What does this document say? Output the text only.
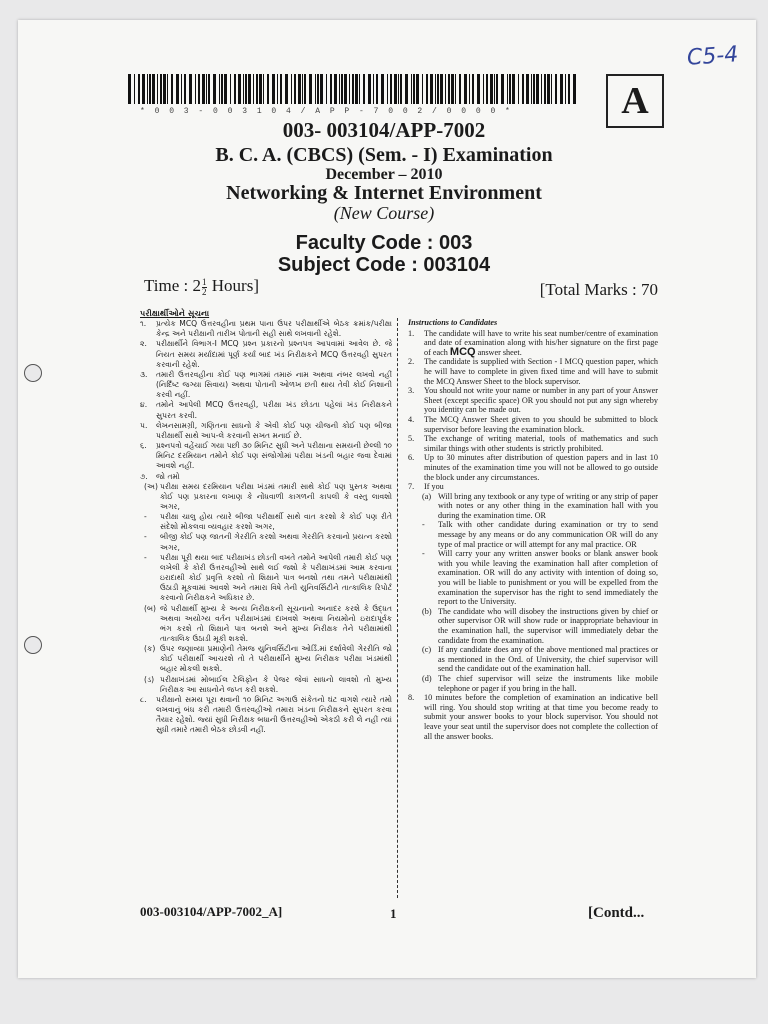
C5-4
* 0 0 3 - 0 0 3 1 0 4 / A P P - 7 0 0 2 / 0 0 0 0 *	A
003- 003104/APP-7002
B. C. A. (CBCS) (Sem. - I) Examination
December – 2010
Networking & Internet Environment
(New Course)
Faculty Code : 003
Subject Code : 003104
Time : $2 \frac{1}{2}$ Hours]	[Total Marks : 70
પરીક્ષાર્થીઓને સૂચના
૧. પ્રત્યેક MCQ ઉત્તરવહીના પ્રથમ પાના ઉપર પરીક્ષાર્થીએ બેઠક ક્રમાંક/પરીક્ષા કેન્દ્ર અને પરીક્ષાની તારીખ પોતાની સહી સાથે લખવાની રહેશે.
૨. પરીક્ષાર્થીને વિભાગ-I MCQ પ્રશ્ન પ્રકારનો પ્રશ્નપત્ર આપવામાં આવેલ છે. જે નિયત સમય મર્યાદામાં પૂર્ણ કર્યા બાદ ખંડ નિરીક્ષકને MCQ ઉત્તરવહી સુપરત કરવાની રહેશે.
૩. તમારી ઉત્તરવહીના કોઈ પણ ભાગમાં તમારું નામ અથવા નંબર લખવો નહીં (નિર્દિષ્ટ જગ્યા સિવાય) અથવા પોતાની ઓળખ છતી થાય તેવી કોઈ નિશાની કરવી નહીં.
૪. તમોને આપેલી MCQ ઉત્તરવહી, પરીક્ષા ખંડ છોડતા પહેલાં ખંડ નિરીક્ષકને સુપરત કરવી.
૫. લેખનસામગ્રી, ગણિતના સાધનો કે એવી કોઈ પણ ચીજની કોઈ પણ બીજા પરીક્ષાર્થી સાથે આપ-લે કરવાની સખત મનાઈ છે.
૬. પ્રશ્નપત્રો વહેંચાઈ ગયા પછી ૩૦ મિનિટ સુધી અને પરીક્ષાના સમયની છેલ્લી ૧૦ મિનિટ દરમિયાન તમોને કોઈ પણ સંજોગોમાં પરીક્ષા ખંડની બહાર જવા દેવામાં આવશે નહીં.
૭. જો તમો
(અ) પરીક્ષા સમય દરમિયાન પરીક્ષા ખંડમાં તમારી સાથે કોઈ પણ પુસ્તક અથવા કોઈ પણ પ્રકારના લખાણ કે નોંધવાળી કાગળની કાપલી કે વસ્તુ લાવશો અગર,
- પરીક્ષા ચાલુ હોય ત્યારે બીજા પરીક્ષાર્થી સાથે વાત કરશો કે કોઈ પણ રીતે સંદેશો મોકલવા વ્યવહાર કરશો અગર,
- બીજી કોઈ પણ જાતની ગેરરીતિ કરશો અથવા ગેરરીતિ કરવાનો પ્રયત્ન કરશો અગર,
- પરીક્ષા પૂરી થયા બાદ પરીક્ષાખંડ છોડતી વખતે તમોને આપેલી તમારી કોઈ પણ લખેલી કે કોરી ઉત્તરવહીઓ સાથે લઈ જશો કે પરીક્ષાખંડમાં આમ કરવાના ઇરાદાથી કોઈ પ્રવૃત્તિ કરશો તો શિક્ષાને પાત્ર બનશો તથા તમને પરીક્ષામાંથી ઉઠાડી મૂકવામાં આવશે અને તમારા વિષે તેની યુનિવર્સિટીને તાત્કાલિક રિપોર્ટ કરવાનો નિરીક્ષકને અધિકાર છે.
(બ) જે પરીક્ષાર્થી મુખ્ય કે અન્ય નિરીક્ષકની સૂચનાનો અનાદર કરશે કે ઉદ્ધત અથવા અયોગ્ય વર્તન પરીક્ષાખંડમાં દાખવશે અથવા નિયમોનો ઇરાદાપૂર્વક ભંગ કરશે તો શિક્ષાને પાત્ર બનશે અને મુખ્ય નિરીક્ષક તેને પરીક્ષામાંથી તાત્કાલિક ઉઠાડી મૂકી શકશે.
(ક) ઉપર જણાવ્યા પ્રમાણેની તેમજ યુનિવર્સિટીના ઓર્ડિ.માં દર્શાવેલી ગેરરીતિ જો કોઈ પરીક્ષાર્થી આચરશે તો તે પરીક્ષાર્થીને મુખ્ય નિરીક્ષક પરીક્ષા ખંડમાંથી બહાર મોકલી શકશે.
(ડ) પરીક્ષાખંડમાં મોબાઈલ ટેલિફોન કે પેજર જેવાં સાધનો લાવશો તો મુખ્ય નિરીક્ષક આ સાધનોને જપ્ત કરી શકશે.
૮. પરીક્ષાનો સમય પૂરા થવાની ૧૦ મિનિટ અગાઉ સંકેતનો ઘંટ વાગશે ત્યારે તમો લખવાનું બંધ કરી તમારી ઉત્તરવહીઓ તમારા ખંડના નિરીક્ષકને સુપરત કરવા તૈયાર રહેશો. જ્યાં સુધી નિરીક્ષક બધાની ઉત્તરવહીઓ એકઠી કરી લે નહીં ત્યાં સુધી તમારે તમારી બેઠક છોડવી નહીં.
Instructions to Candidates
1. The candidate will have to write his seat number/centre of examination and date of examination along with his/her signature on the first page of each MCQ answer sheet.
2. The candidate is supplied with Section - I MCQ question paper, which he will have to complete in given fixed time and will have to submit the MCQ Answer Sheet to the block supervisor.
3. You should not write your name or number in any part of your Answer Sheet (except specific space) OR you should not put any sign whereby you identity can be made out.
4. The MCQ Answer Sheet given to you should be submitted to block supervisor before leaving the examination block.
5. The exchange of writing material, tools of mathematics and such similar things with other students is strictly prohibited.
6. Up to 30 minutes after distribution of question papers and in last 10 minutes of the examination time you will not be allowed to go outside the block under any circumstances.
7. If you
(a) Will bring any textbook or any type of writing or any strip of paper with notes or any other thing in the examination hall with you during the examination time. OR
- Talk with other candidate during examination or try to send message by any means or do any communication OR will do any type of mal practice or will attempt for any mal practice. OR
- Will carry your any written answer books or blank answer book with you while leaving the examination hall after completion of examination. OR will do any activity with intention of doing so, you will be liable to punishment or you will be expelled from the examination the supervisor has the right to send immediately the report to the University.
(b) The candidate who will disobey the instructions given by chief or other supervisor OR will show rude or inappropriate behaviour in the examination hall, the supervisor will immediately debar the candidate from the examination.
(c) If any candidate does any of the above mentioned mal practices or as mentioned in the Ord. of University, the chief supervisor will send the candidate out of the examination hall.
(d) The chief supervisor will seize the instruments like mobile telephone or pager if you bring in the hall.
8. 10 minutes before the completion of examination an indicative bell will ring. You should stop writing at that time you become ready to submit your answer books to your block supervisor. You should not leave your seat until the supervisor does not complete the collection of all the answer books.
003-003104/APP-7002_A]	1	[Contd...
